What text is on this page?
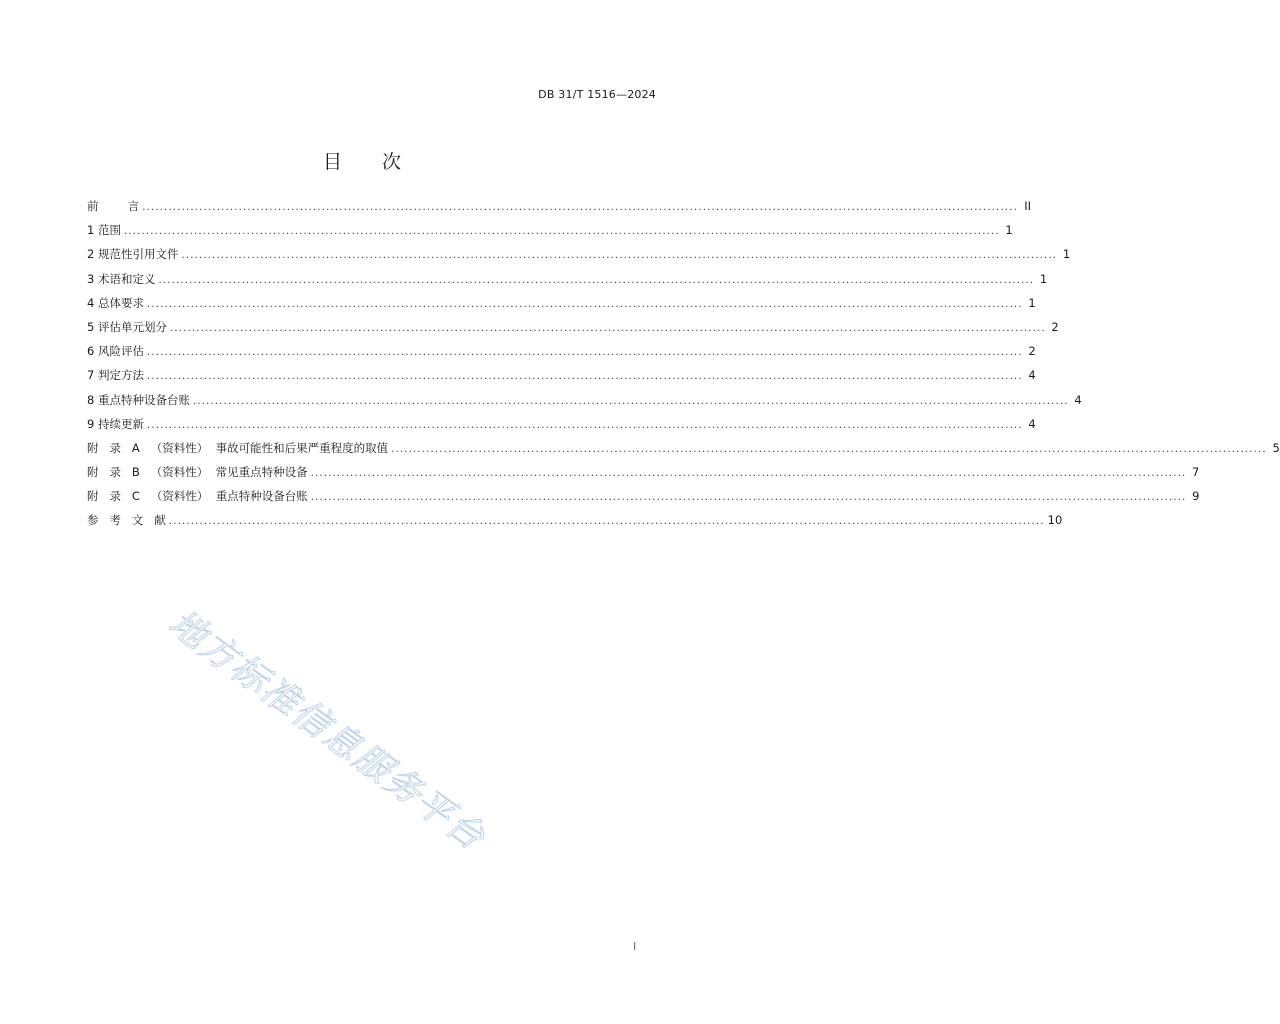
DB 31/T 1516—2024
目 次
前        言 ........................................................................................................................................................................................................ II
1 范围 ........................................................................................................................................................................................................ 1
2 规范性引用文件 ........................................................................................................................................................................................................ 1
3 术语和定义 ........................................................................................................................................................................................................ 1
4 总体要求 ........................................................................................................................................................................................................ 1
5 评估单元划分 ........................................................................................................................................................................................................ 2
6 风险评估 ........................................................................................................................................................................................................ 2
7 判定方法 ........................................................................................................................................................................................................ 4
8 重点特种设备台账 ........................................................................................................................................................................................................ 4
9 持续更新 ........................................................................................................................................................................................................ 4
附   录   A   （资料性）  事故可能性和后果严重程度的取值 ........................................................................................................................................................................................................ 5
附   录   B   （资料性）  常见重点特种设备 ........................................................................................................................................................................................................ 7
附   录   C   （资料性）  重点特种设备台账 ........................................................................................................................................................................................................ 9
参   考   文   献 ........................................................................................................................................................................................................ 10
地方标准信息服务平台
I
